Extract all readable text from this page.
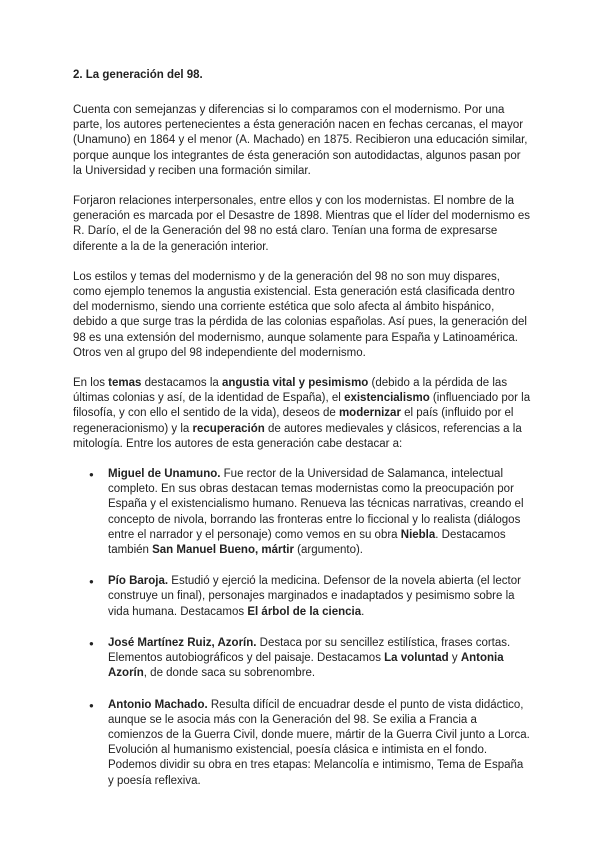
2. La generación del 98.

Cuenta con semejanzas y diferencias si lo comparamos con el modernismo. Por una parte, los autores pertenecientes a ésta generación nacen en fechas cercanas, el mayor (Unamuno) en 1864 y el menor (A. Machado) en 1875. Recibieron una educación similar, porque aunque los integrantes de ésta generación son autodidactas, algunos pasan por la Universidad y reciben una formación similar.

Forjaron relaciones interpersonales, entre ellos y con los modernistas. El nombre de la generación es marcada por el Desastre de 1898. Mientras que el líder del modernismo es R. Darío, el de la Generación del 98 no está claro. Tenían una forma de expresarse diferente a la de la generación interior.

Los estilos y temas del modernismo y de la generación del 98 no son muy dispares, como ejemplo tenemos la angustia existencial. Esta generación está clasificada dentro del modernismo, siendo una corriente estética que solo afecta al ámbito hispánico, debido a que surge tras la pérdida de las colonias españolas. Así pues, la generación del 98 es una extensión del modernismo, aunque solamente para España y Latinoamérica. Otros ven al grupo del 98 independiente del modernismo.

En los temas destacamos la angustia vital y pesimismo (debido a la pérdida de las últimas colonias y así, de la identidad de España), el existencialismo (influenciado por la filosofía, y con ello el sentido de la vida), deseos de modernizar el país (influido por el regeneracionismo) y la recuperación de autores medievales y clásicos, referencias a la mitología. Entre los autores de esta generación cabe destacar a:

● Miguel de Unamuno. Fue rector de la Universidad de Salamanca, intelectual completo. En sus obras destacan temas modernistas como la preocupación por España y el existencialismo humano. Renueva las técnicas narrativas, creando el concepto de nivola, borrando las fronteras entre lo ficcional y lo realista (diálogos entre el narrador y el personaje) como vemos en su obra Niebla. Destacamos también San Manuel Bueno, mártir (argumento).
● Pío Baroja. Estudió y ejerció la medicina. Defensor de la novela abierta (el lector construye un final), personajes marginados e inadaptados y pesimismo sobre la vida humana. Destacamos El árbol de la ciencia.
● José Martínez Ruiz, Azorín. Destaca por su sencillez estilística, frases cortas. Elementos autobiográficos y del paisaje. Destacamos La voluntad y Antonia Azorín, de donde saca su sobrenombre.
● Antonio Machado. Resulta difícil de encuadrar desde el punto de vista didáctico, aunque se le asocia más con la Generación del 98. Se exilia a Francia a comienzos de la Guerra Civil, donde muere, mártir de la Guerra Civil junto a Lorca. Evolución al humanismo existencial, poesía clásica e intimista en el fondo. Podemos dividir su obra en tres etapas: Melancolía e intimismo, Tema de España y poesía reflexiva.
